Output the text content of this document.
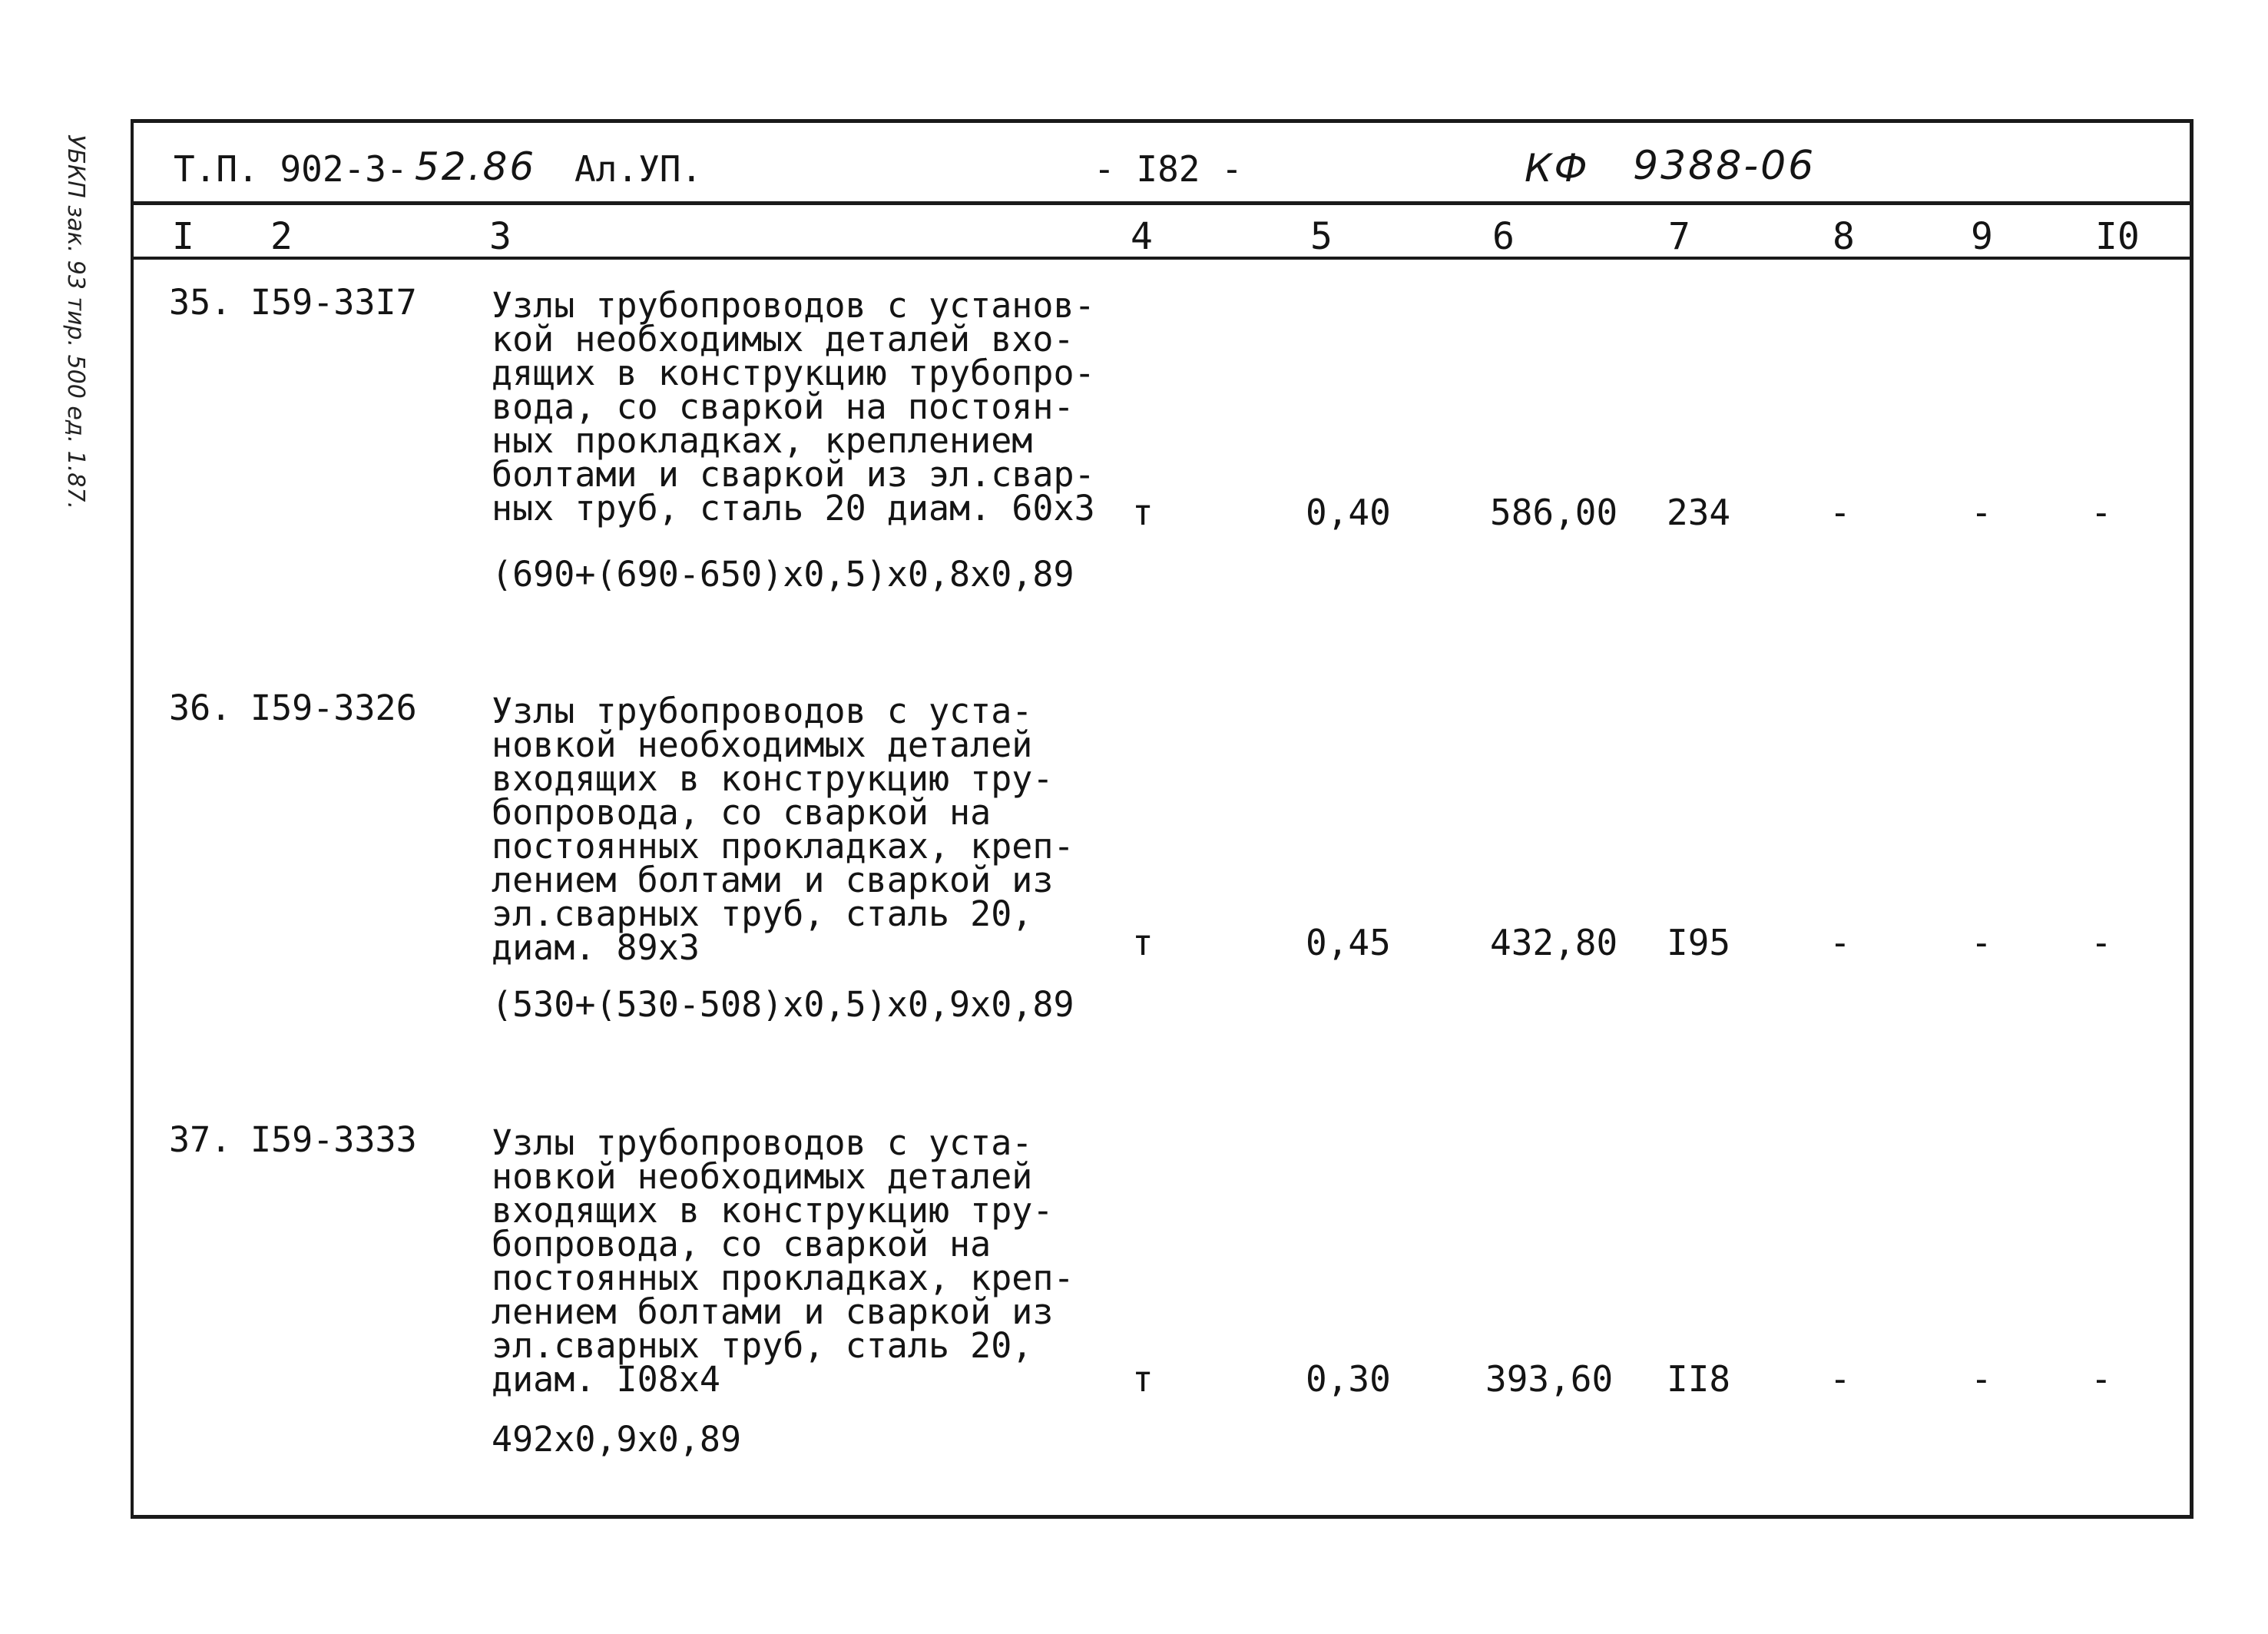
УБКП зак. 93 тир. 500 ед. 1.87. Т.П. 902-3- 52.86 Ал.УП.	- I82 -	КФ 9388-06
I 2	3	4	5	6	7	8	9	I0
35. I59-33I7 Узлы трубопроводов с установ-
кой необходимых деталей вхо-
дящих в конструкцию трубопро-
вода, со сваркой на постоян-
ных прокладках, креплением
болтами и сваркой из эл.свар-
ных труб, сталь 20 диам. 60х3
(690+(690-650)x0,5)x0,8x0,89
т	0,40	586,00 234	-	-	-
36. I59-3326 Узлы трубопроводов с уста-
новкой необходимых деталей
входящих в конструкцию тру-
бопровода, со сваркой на
постоянных прокладках, креп-
лением болтами и сваркой из
эл.сварных труб, сталь 20,
диам. 89х3
(530+(530-508)x0,5)x0,9x0,89
т	0,45	432,80 I95	-	-	-
37. I59-3333 Узлы трубопроводов с уста-
новкой необходимых деталей
входящих в конструкцию тру-
бопровода, со сваркой на
постоянных прокладках, креп-
лением болтами и сваркой из
эл.сварных труб, сталь 20,
диам. I08х4
492x0,9x0,89
т	0,30	393,60 II8	-	-	-
